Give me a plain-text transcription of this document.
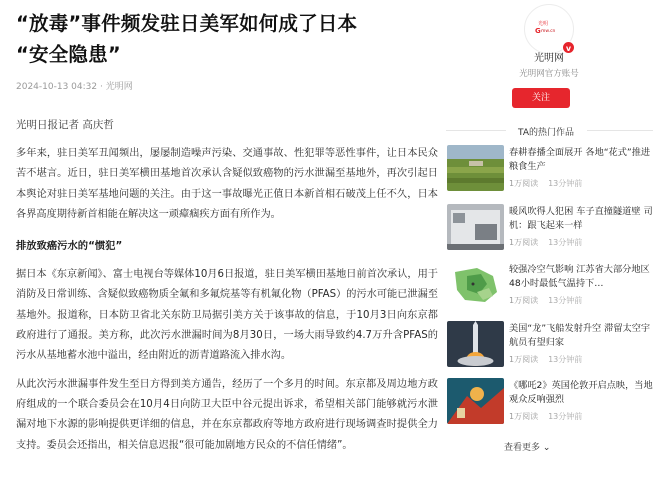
“放毒”事件频发驻日美军如何成了日本
“安全隐患”
2024-10-13 04:32 · 光明网
光明日报记者 高庆哲

多年来，驻日美军丑闻频出，屡屡制造噪声污染、交通事故、性犯罪等恶性事件，让日本民众苦不堪言。近日，驻日美军横田基地首次承认含疑似致癌物的污水泄漏至基地外，再次引起日本舆论对驻日美军基地问题的关注。由于这一事故曝光正值日本新首相石破茂上任不久，日本各界高度期待新首相能在解决这一顽瘴痼疾方面有所作为。

排放致癌污水的“惯犯”

据日本《东京新闻》、富士电视台等媒体10月6日报道，驻日美军横田基地日前首次承认，用于消防及日常训练、含疑似致癌物质全氟和多氟烷基等有机氟化物（PFAS）的污水可能已泄漏至基地外。报道称，日本防卫省北关东防卫局据引美方关于该事故的信息，于10月3日向东京都政府进行了通报。美方称，此次污水泄漏时间为8月30日，一场大雨导致约4.7万升含PFAS的污水从基地蓄水池中溢出，经由附近的沥青道路流入排水沟。

从此次污水泄漏事件发生至日方得到美方通告，经历了一个多月的时间。东京都及周边地方政府组成的一个联合委员会在10月4日向防卫大臣中谷元提出诉求，希望相关部门能够就污水泄漏对地下水源的影响提供更详细的信息，并在东京都政府等地方政府进行现场调查时提供全力支持。委员会还指出，相关信息迟报“很可能加剧地方民众的不信任情绪”。

光明
G mw.cn
v
光明网
光明网官方账号
关注
TA的热门作品
春耕春播全面展开 各地“花式”推进粮食生产
1万阅读 13分钟前
暖风吹得人犯困 车子直撞隧道壁 司机：跟飞起来一样
1万阅读 13分钟前
较强冷空气影响 江苏省大部分地区48小时最低气温持下…
1万阅读 13分钟前
美国“龙”飞船发射升空 滞留太空宇航员有望归家
1万阅读 13分钟前
《哪吒2》英国伦敦开启点映，当地观众反响强烈
1万阅读 13分钟前
查看更多 ⌄
